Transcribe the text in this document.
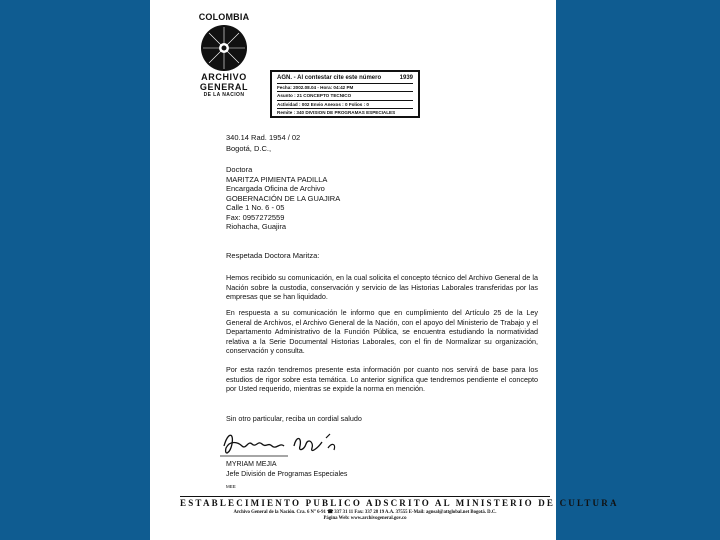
COLOMBIA
ARCHIVO
GENERAL
DE LA NACION
AGN. - Al contestar cite este número	1939
Fecha: 2002.08.04 - Hora: 04:42 PM
Asunto : 21 CONCEPTO TECNICO
Actividad : 002 Envio Anexos : 0 Folios : 0
Remite : 340 DIVISION DE PROGRAMAS ESPECIALES
340.14 Rad. 1954 / 02
Bogotá, D.C.,
Doctora
MARITZA PIMIENTA PADILLA
Encargada Oficina de Archivo
GOBERNACIÓN DE LA GUAJIRA
Calle 1 No. 6 - 05
Fax: 0957272559
Riohacha, Guajira
Respetada Doctora Maritza:
Hemos recibido su comunicación, en la cual solicita el concepto técnico del Archivo General de la Nación sobre la custodia, conservación y servicio de las Historias Laborales transferidas por las empresas que se han liquidado.
En respuesta a su comunicación le informo que en cumplimiento del Artículo 25 de la Ley General de Archivos, el Archivo General de la Nación, con el apoyo del Ministerio de Trabajo y el Departamento Administrativo de la Función Pública, se encuentra estudiando la normatividad relativa a la Serie Documental Historias Laborales, con el fin de Normalizar su organización, conservación y consulta.
Por esta razón tendremos presente esta información por cuanto nos servirá de base para los estudios de rigor sobre esta temática. Lo anterior significa que tendremos pendiente el concepto por Usted requerido, mientras se expide la norma en mención.
Sin otro particular, reciba un cordial saludo
MYRIAM MEJIA
Jefe División de Programas Especiales
MEE
ESTABLECIMIENTO PUBLICO ADSCRITO AL MINISTERIO DE CULTURA
Archivo General de la Nación. Cra. 6 N° 6-91 ☎ 337 31 11 Fax: 337 28 19 A.A. 37555 E-Mail: agnsal@attglobal.net Bogotá. D.C.
Página Web: www.archivogeneral.gov.co
